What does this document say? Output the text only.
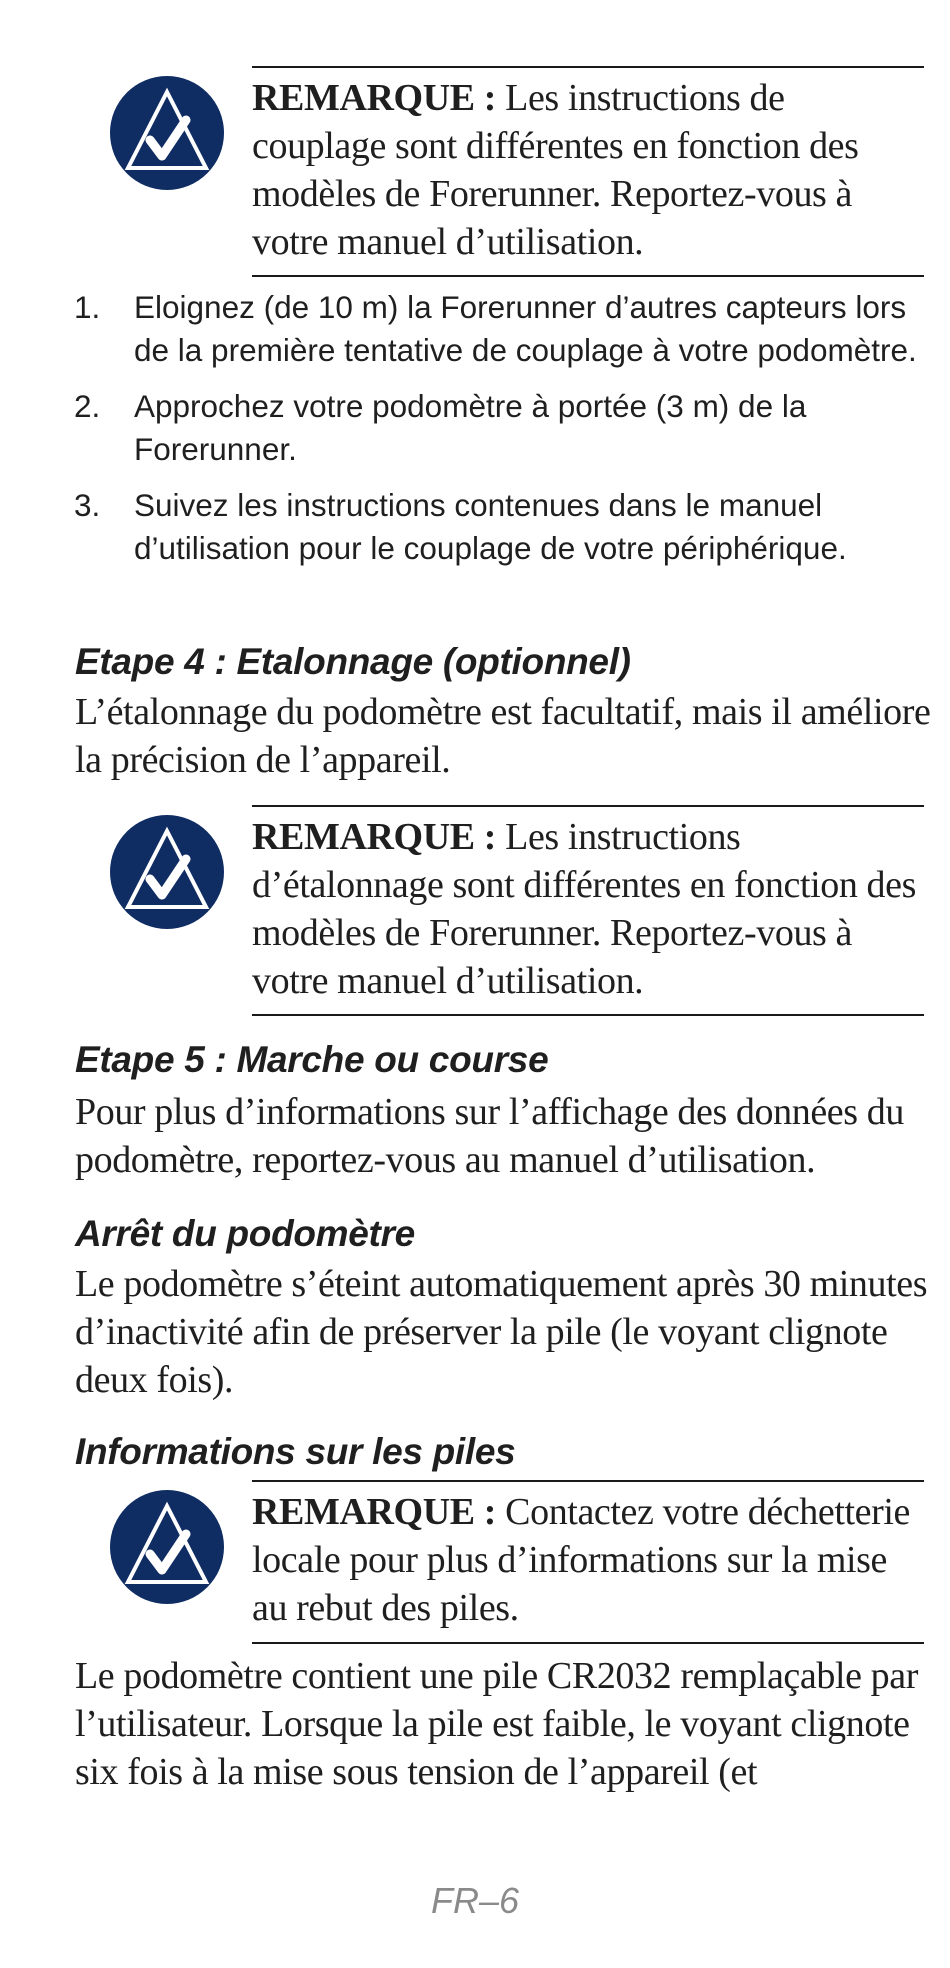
REMARQUE : Les instructions de couplage sont différentes en fonction des modèles de Forerunner. Reportez-vous à votre manuel d’utilisation.
1. Eloignez (de 10 m) la Forerunner d’autres capteurs lors de la première tentative de couplage à votre podomètre.
2. Approchez votre podomètre à portée (3 m) de la Forerunner.
3. Suivez les instructions contenues dans le manuel d’utilisation pour le couplage de votre périphérique.
Etape 4 : Etalonnage (optionnel)

L’étalonnage du podomètre est facultatif, mais il améliore la précision de l’appareil.

REMARQUE : Les instructions d’étalonnage sont différentes en fonction des modèles de Forerunner. Reportez-vous à votre manuel d’utilisation.
Etape 5 : Marche ou course

Pour plus d’informations sur l’affichage des données du podomètre, reportez-vous au manuel d’utilisation.

Arrêt du podomètre

Le podomètre s’éteint automatiquement après 30 minutes d’inactivité afin de préserver la pile (le voyant clignote deux fois).

Informations sur les piles
REMARQUE : Contactez votre déchetterie locale pour plus d’informations sur la mise au rebut des piles.

Le podomètre contient une pile CR2032 remplaçable par l’utilisateur. Lorsque la pile est faible, le voyant clignote six fois à la mise sous tension de l’appareil (et

FR–6
